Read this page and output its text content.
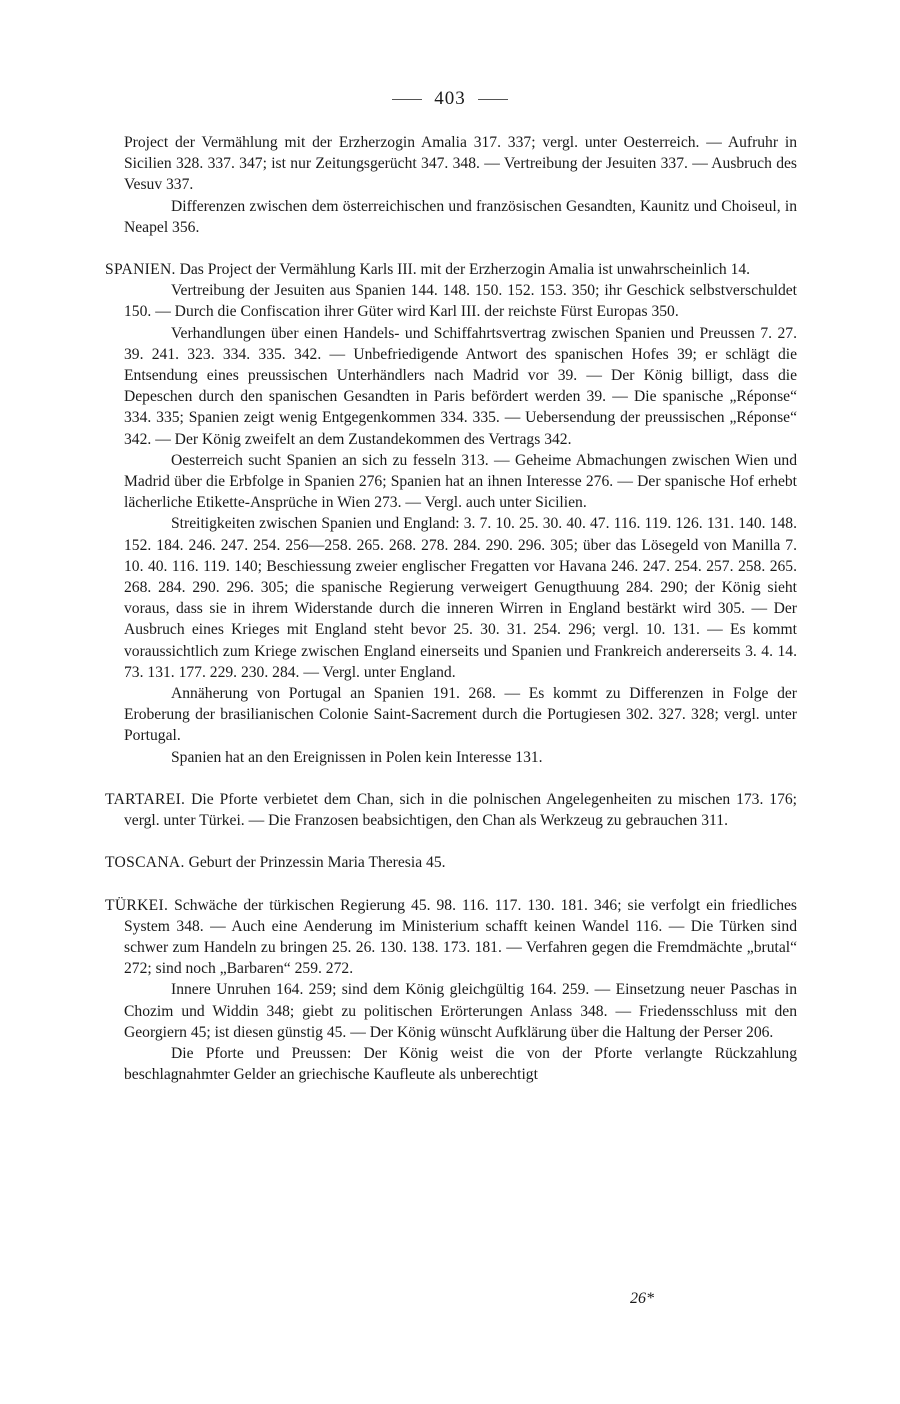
403

Project der Vermählung mit der Erzherzogin Amalia 317. 337; vergl. unter Oesterreich. — Aufruhr in Sicilien 328. 337. 347; ist nur Zeitungsgerücht 347. 348. — Vertreibung der Jesuiten 337. — Ausbruch des Vesuv 337.

Differenzen zwischen dem österreichischen und französischen Gesandten, Kaunitz und Choiseul, in Neapel 356.

SPANIEN. Das Project der Vermählung Karls III. mit der Erzherzogin Amalia ist unwahrscheinlich 14.

Vertreibung der Jesuiten aus Spanien 144. 148. 150. 152. 153. 350; ihr Geschick selbstverschuldet 150. — Durch die Confiscation ihrer Güter wird Karl III. der reichste Fürst Europas 350.

Verhandlungen über einen Handels- und Schiffahrtsvertrag zwischen Spanien und Preussen 7. 27. 39. 241. 323. 334. 335. 342. — Unbefriedigende Antwort des spanischen Hofes 39; er schlägt die Entsendung eines preussischen Unterhändlers nach Madrid vor 39. — Der König billigt, dass die Depeschen durch den spanischen Gesandten in Paris befördert werden 39. — Die spanische „Réponse“ 334. 335; Spanien zeigt wenig Entgegenkommen 334. 335. — Uebersendung der preussischen „Réponse“ 342. — Der König zweifelt an dem Zustandekommen des Vertrags 342.

Oesterreich sucht Spanien an sich zu fesseln 313. — Geheime Abmachungen zwischen Wien und Madrid über die Erbfolge in Spanien 276; Spanien hat an ihnen Interesse 276. — Der spanische Hof erhebt lächerliche Etikette-Ansprüche in Wien 273. — Vergl. auch unter Sicilien.

Streitigkeiten zwischen Spanien und England: 3. 7. 10. 25. 30. 40. 47. 116. 119. 126. 131. 140. 148. 152. 184. 246. 247. 254. 256—258. 265. 268. 278. 284. 290. 296. 305; über das Lösegeld von Manilla 7. 10. 40. 116. 119. 140; Beschiessung zweier englischer Fregatten vor Havana 246. 247. 254. 257. 258. 265. 268. 284. 290. 296. 305; die spanische Regierung verweigert Genugthuung 284. 290; der König sieht voraus, dass sie in ihrem Widerstande durch die inneren Wirren in England bestärkt wird 305. — Der Ausbruch eines Krieges mit England steht bevor 25. 30. 31. 254. 296; vergl. 10. 131. — Es kommt voraussichtlich zum Kriege zwischen England einerseits und Spanien und Frankreich andererseits 3. 4. 14. 73. 131. 177. 229. 230. 284. — Vergl. unter England.

Annäherung von Portugal an Spanien 191. 268. — Es kommt zu Differenzen in Folge der Eroberung der brasilianischen Colonie Saint-Sacrement durch die Portugiesen 302. 327. 328; vergl. unter Portugal.

Spanien hat an den Ereignissen in Polen kein Interesse 131.

TARTAREI. Die Pforte verbietet dem Chan, sich in die polnischen Angelegenheiten zu mischen 173. 176; vergl. unter Türkei. — Die Franzosen beabsichtigen, den Chan als Werkzeug zu gebrauchen 311.

TOSCANA. Geburt der Prinzessin Maria Theresia 45.

TÜRKEI. Schwäche der türkischen Regierung 45. 98. 116. 117. 130. 181. 346; sie verfolgt ein friedliches System 348. — Auch eine Aenderung im Ministerium schafft keinen Wandel 116. — Die Türken sind schwer zum Handeln zu bringen 25. 26. 130. 138. 173. 181. — Verfahren gegen die Fremdmächte „brutal“ 272; sind noch „Barbaren“ 259. 272.

Innere Unruhen 164. 259; sind dem König gleichgültig 164. 259. — Einsetzung neuer Paschas in Chozim und Widdin 348; giebt zu politischen Erörterungen Anlass 348. — Friedensschluss mit den Georgiern 45; ist diesen günstig 45. — Der König wünscht Aufklärung über die Haltung der Perser 206.

Die Pforte und Preussen: Der König weist die von der Pforte verlangte Rückzahlung beschlagnahmter Gelder an griechische Kaufleute als unberechtigt

26*
